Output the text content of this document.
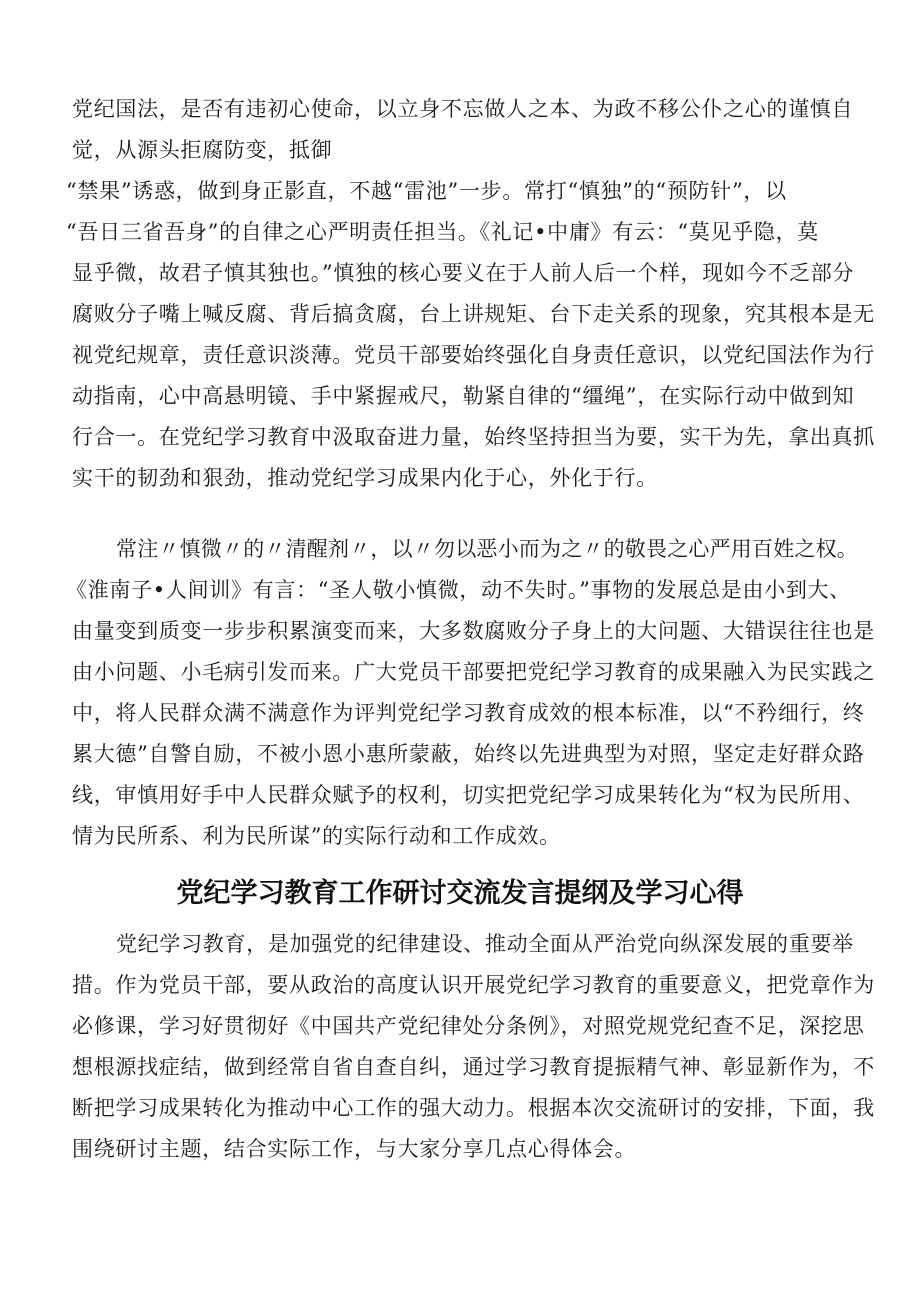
党纪国法，是否有违初心使命，以立身不忘做人之本、为政不移公仆之心的谨慎自
觉，从源头拒腐防变，抵御
“禁果”诱惑，做到身正影直，不越“雷池”一步。常打“慎独”的“预防针”，以
“吾日三省吾身”的自律之心严明责任担当。《礼记•中庸》有云：“莫见乎隐，莫
显乎微，故君子慎其独也。”慎独的核心要义在于人前人后一个样，现如今不乏部分
腐败分子嘴上喊反腐、背后搞贪腐，台上讲规矩、台下走关系的现象，究其根本是无
视党纪规章，责任意识淡薄。党员干部要始终强化自身责任意识，以党纪国法作为行
动指南，心中高悬明镜、手中紧握戒尺，勒紧自律的“缰绳”，在实际行动中做到知
行合一。在党纪学习教育中汲取奋进力量，始终坚持担当为要，实干为先，拿出真抓
实干的韧劲和狠劲，推动党纪学习成果内化于心，外化于行。
常注〃慎微〃的〃清醒剂〃，以〃勿以恶小而为之〃的敬畏之心严用百姓之权。
《淮南子•人间训》有言：“圣人敬小慎微，动不失时。”事物的发展总是由小到大、
由量变到质变一步步积累演变而来，大多数腐败分子身上的大问题、大错误往往也是
由小问题、小毛病引发而来。广大党员干部要把党纪学习教育的成果融入为民实践之
中，将人民群众满不满意作为评判党纪学习教育成效的根本标准，以“不矜细行，终
累大德”自警自励，不被小恩小惠所蒙蔽，始终以先进典型为对照，坚定走好群众路
线，审慎用好手中人民群众赋予的权利，切实把党纪学习成果转化为“权为民所用、
情为民所系、利为民所谋”的实际行动和工作成效。
党纪学习教育工作研讨交流发言提纲及学习心得
党纪学习教育，是加强党的纪律建设、推动全面从严治党向纵深发展的重要举
措。作为党员干部，要从政治的高度认识开展党纪学习教育的重要意义，把党章作为
必修课，学习好贯彻好《中国共产党纪律处分条例》，对照党规党纪查不足，深挖思
想根源找症结，做到经常自省自查自纠，通过学习教育提振精气神、彰显新作为，不
断把学习成果转化为推动中心工作的强大动力。根据本次交流研讨的安排，下面，我
围绕研讨主题，结合实际工作，与大家分享几点心得体会。
